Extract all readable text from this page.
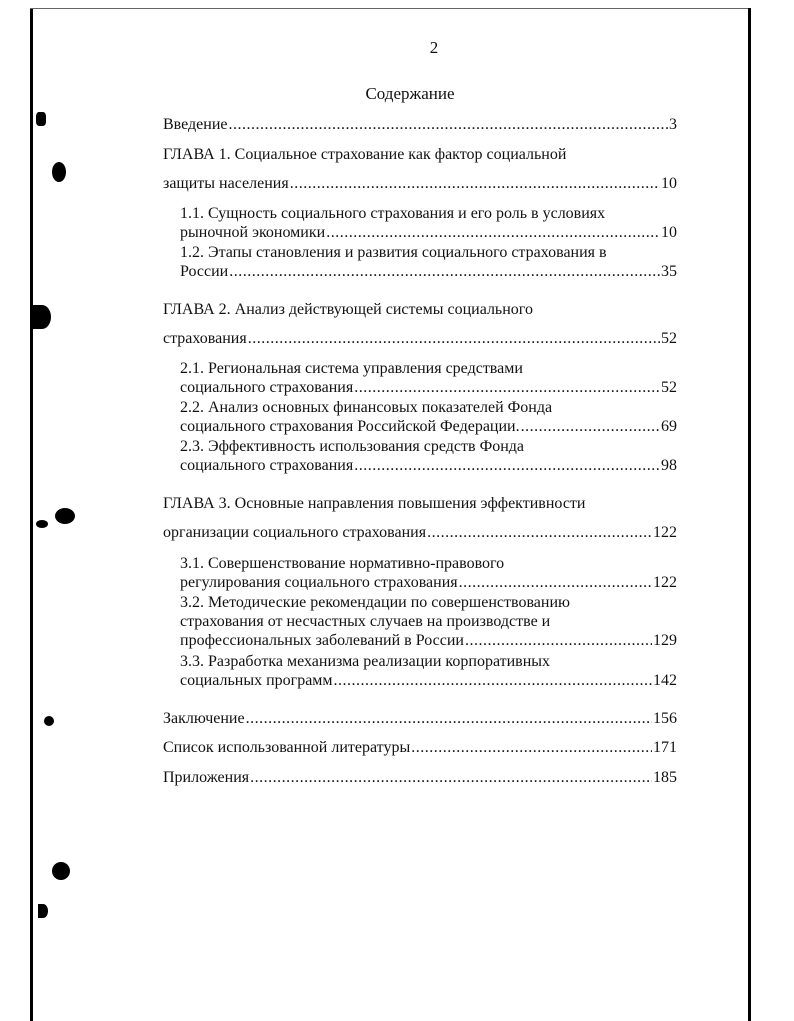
2
Содержание
Введение .....	3
ГЛАВА 1. Социальное страхование как фактор социальной
защиты населения .....	10
1.1. Сущность социального страхования и его роль в условиях
рыночной экономики .....	10
1.2. Этапы становления и развития социального страхования в
России .....	35
ГЛАВА 2. Анализ действующей системы социального
страхования .....	52
2.1. Региональная система управления средствами
социального страхования .....	52
2.2. Анализ основных финансовых показателей Фонда
социального страхования Российской Федерации. .....	69
2.3. Эффективность использования средств Фонда
социального страхования .....	98
ГЛАВА 3. Основные направления повышения эффективности
организации социального страхования .....	122
3.1. Совершенствование нормативно-правового
регулирования социального страхования .....	122
3.2. Методические рекомендации по совершенствованию
страхования от несчастных случаев на производстве и
профессиональных заболеваний в России .....	129
3.3. Разработка механизма реализации корпоративных
социальных программ .....	142
Заключение .....	156
Список использованной литературы .....	171
Приложения .....	185
